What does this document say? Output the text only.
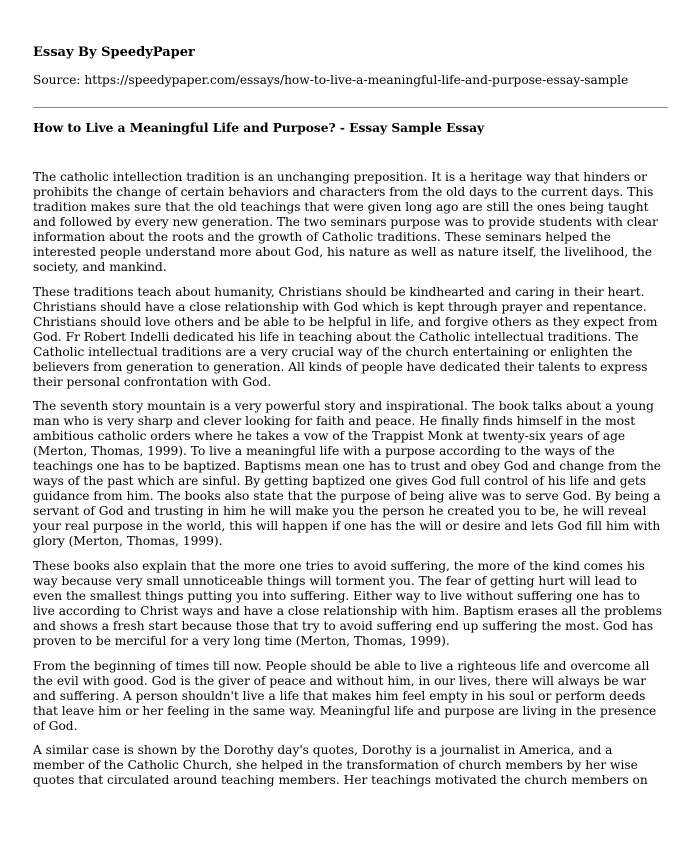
Essay By SpeedyPaper

Source: https://speedypaper.com/essays/how-to-live-a-meaningful-life-and-purpose-essay-sample

How to Live a Meaningful Life and Purpose? - Essay Sample Essay

The catholic intellection tradition is an unchanging preposition. It is a heritage way that hinders or prohibits the change of certain behaviors and characters from the old days to the current days. This tradition makes sure that the old teachings that were given long ago are still the ones being taught and followed by every new generation. The two seminars purpose was to provide students with clear information about the roots and the growth of Catholic traditions. These seminars helped the interested people understand more about God, his nature as well as nature itself, the livelihood, the society, and mankind.

These traditions teach about humanity, Christians should be kindhearted and caring in their heart. Christians should have a close relationship with God which is kept through prayer and repentance. Christians should love others and be able to be helpful in life, and forgive others as they expect from God. Fr Robert Indelli dedicated his life in teaching about the Catholic intellectual traditions. The Catholic intellectual traditions are a very crucial way of the church entertaining or enlighten the believers from generation to generation. All kinds of people have dedicated their talents to express their personal confrontation with God.

The seventh story mountain is a very powerful story and inspirational. The book talks about a young man who is very sharp and clever looking for faith and peace. He finally finds himself in the most ambitious catholic orders where he takes a vow of the Trappist Monk at twenty-six years of age (Merton, Thomas, 1999). To live a meaningful life with a purpose according to the ways of the teachings one has to be baptized. Baptisms mean one has to trust and obey God and change from the ways of the past which are sinful. By getting baptized one gives God full control of his life and gets guidance from him. The books also state that the purpose of being alive was to serve God. By being a servant of God and trusting in him he will make you the person he created you to be, he will reveal your real purpose in the world, this will happen if one has the will or desire and lets God fill him with glory (Merton, Thomas, 1999).

These books also explain that the more one tries to avoid suffering, the more of the kind comes his way because very small unnoticeable things will torment you. The fear of getting hurt will lead to even the smallest things putting you into suffering. Either way to live without suffering one has to live according to Christ ways and have a close relationship with him. Baptism erases all the problems and shows a fresh start because those that try to avoid suffering end up suffering the most. God has proven to be merciful for a very long time (Merton, Thomas, 1999).

From the beginning of times till now. People should be able to live a righteous life and overcome all the evil with good. God is the giver of peace and without him, in our lives, there will always be war and suffering. A person shouldn't live a life that makes him feel empty in his soul or perform deeds that leave him or her feeling in the same way. Meaningful life and purpose are living in the presence of God.

A similar case is shown by the Dorothy day's quotes, Dorothy is a journalist in America, and a member of the Catholic Church, she helped in the transformation of church members by her wise quotes that circulated around teaching members. Her teachings motivated the church members on
